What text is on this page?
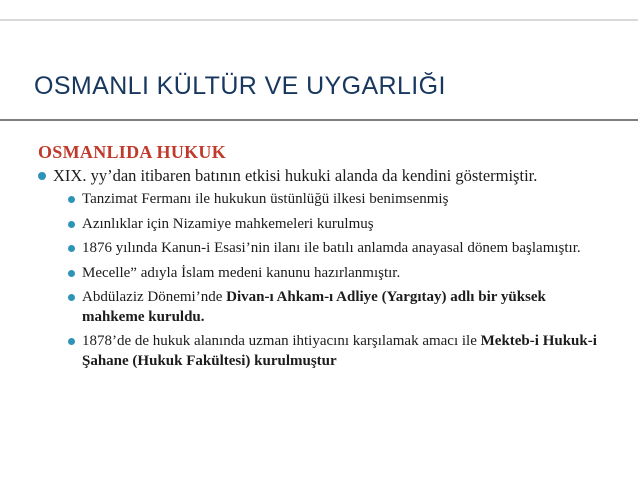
OSMANLI KÜLTÜR VE UYGARLIĞI
OSMANLIDA HUKUK
XIX. yy’dan itibaren batının etkisi hukuki alanda da kendini göstermiştir.
Tanzimat Fermanı ile hukukun üstünlüğü ilkesi benimsenmiş
Azınlıklar için Nizamiye mahkemeleri kurulmuş
1876 yılında Kanun-i Esasi’nin ilanı ile batılı anlamda anayasal dönem başlamıştır.
Mecelle” adıyla İslam medeni kanunu hazırlanmıştır.
Abdülaziz Dönemi’nde Divan-ı Ahkam-ı Adliye (Yargıtay) adlı bir yüksek mahkeme kuruldu.
1878’de de hukuk alanında uzman ihtiyacını karşılamak amacı ile Mekteb-i Hukuk-i Şahane (Hukuk Fakültesi) kurulmuştur
